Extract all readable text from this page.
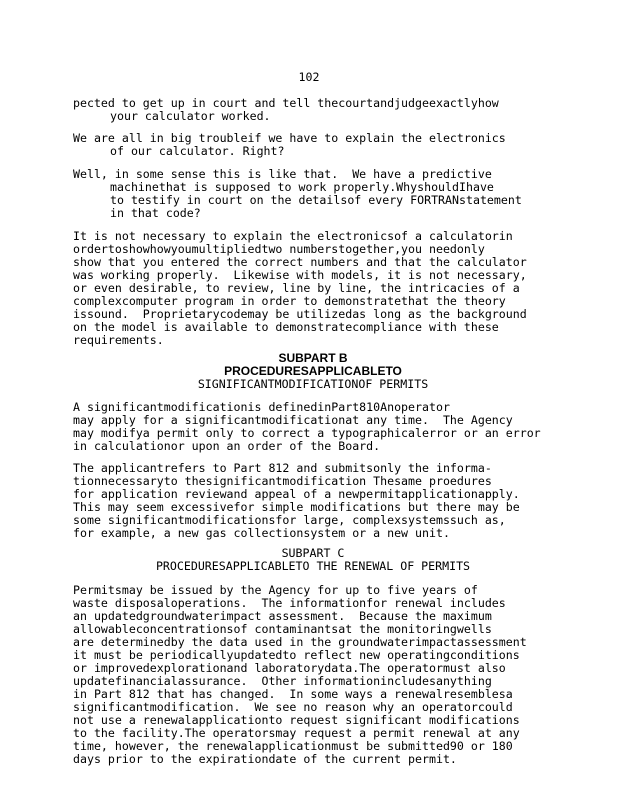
102
pected to get up in court and tell thecourtandjudgeexactlyhow
your calculator worked.
We are all in big troubleif we have to explain the electronics
of our calculator. Right?
Well, in some sense this is like that.  We have a predictive
machinethat is supposed to work properly.WhyshouldIhave
to testify in court on the detailsof every FORTRANstatement
in that code?
It is not necessary to explain the electronicsof a calculatorin
ordertoshowhowyoumultipliedtwo numberstogether,you needonly
show that you entered the correct numbers and that the calculator
was working properly.  Likewise with models, it is not necessary,
or even desirable, to review, line by line, the intricacies of a
complexcomputer program in order to demonstratethat the theory
issound.  Proprietarycodemay be utilizedas long as the background
on the model is available to demonstratecompliance with these
requirements.
SUBPART B
PROCEDURESAPPLICABLETO
SIGNIFICANTMODIFICATIONOF PERMITS
A significantmodificationis definedinPart810Anoperator
may apply for a significantmodificationat any time.  The Agency
may modifya permit only to correct a typographicalerror or an error
in calculationor upon an order of the Board.
The applicantrefers to Part 812 and submitsonly the informa-
tionnecessaryto thesignificantmodification Thesame proedures
for application reviewand appeal of a newpermitapplicationapply.
This may seem excessivefor simple modifications but there may be
some significantmodificationsfor large, complexsystemssuch as,
for example, a new gas collectionsystem or a new unit.
SUBPART C
PROCEDURESAPPLICABLETO THE RENEWAL OF PERMITS
Permitsmay be issued by the Agency for up to five years of
waste disposaloperations.  The informationfor renewal includes
an updatedgroundwaterimpact assessment.  Because the maximum
allowableconcentrationsof contaminantsat the monitoringwells
are determinedby the data used in the groundwaterimpactassessment
it must be periodicallyupdatedto reflect new operatingconditions
or improvedexplorationand laboratorydata.The operatormust also
updatefinancialassurance.  Other informationincludesanything
in Part 812 that has changed.  In some ways a renewalresemblesa
significantmodification.  We see no reason why an operatorcould
not use a renewalapplicationto request significant modifications
to the facility.The operatorsmay request a permit renewal at any
time, however, the renewalapplicationmust be submitted90 or 180
days prior to the expirationdate of the current permit.
